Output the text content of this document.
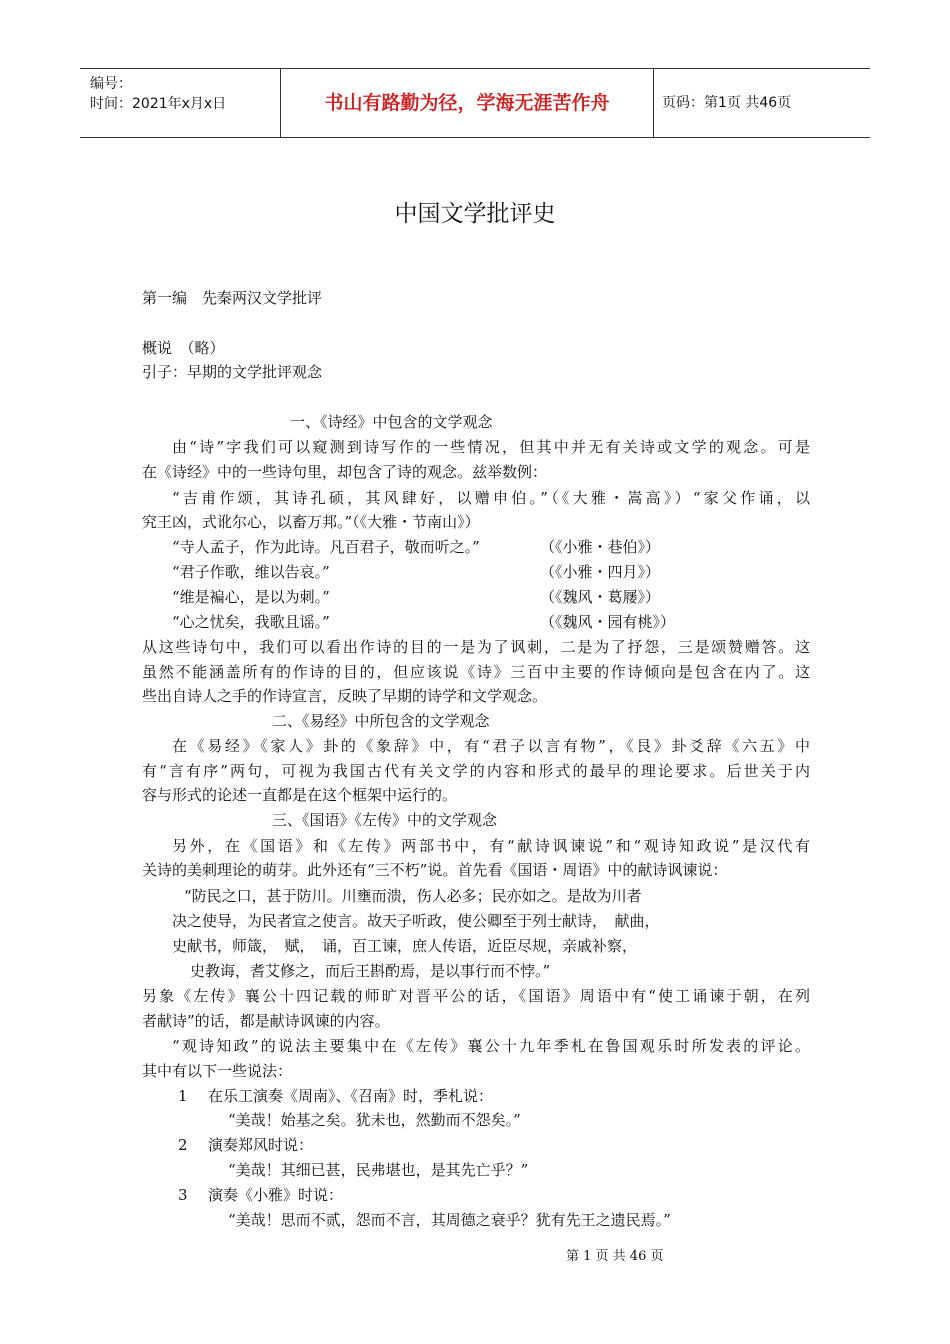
编号：
时间：2021年x月x日	书山有路勤为径，学海无涯苦作舟	页码：第1页 共46页
中国文学批评史
第一编　先秦两汉文学批评
概说　（略）
引子：早期的文学批评观念
一、《诗经》中包含的文学观念
由“诗”字我们可以窥测到诗写作的一些情况，但其中并无有关诗或文学的观念。可是
在《诗经》中的一些诗句里，却包含了诗的观念。兹举数例：
“吉甫作颂，其诗孔硕，其风肆好，以赠申伯。”（《大雅・嵩高》）“家父作诵，以
究王凶，式讹尔心，以畜万邦。”（《大雅・节南山》）
“寺人孟子，作为此诗。凡百君子，敬而听之。”	（《小雅・巷伯》）
“君子作歌，维以告哀。”	（《小雅・四月》）
“维是褊心，是以为刺。”	（《魏风・葛屦》）
“心之忧矣，我歌且谣。”	（《魏风・园有桃》）
从这些诗句中，我们可以看出作诗的目的一是为了讽刺，二是为了抒怨，三是颂赞赠答。这
虽然不能涵盖所有的作诗的目的，但应该说《诗》三百中主要的作诗倾向是包含在内了。这
些出自诗人之手的作诗宣言，反映了早期的诗学和文学观念。
二、《易经》中所包含的文学观念
在《易经》《家人》卦的《象辞》中，有“君子以言有物”，《艮》卦爻辞《六五》中
有“言有序”两句，可视为我国古代有关文学的内容和形式的最早的理论要求。后世关于内
容与形式的论述一直都是在这个框架中运行的。
三、《国语》《左传》中的文学观念
另外，在《国语》和《左传》两部书中，有“献诗讽谏说”和“观诗知政说”是汉代有
关诗的美刺理论的萌芽。此外还有“三不朽”说。首先看《国语・周语》中的献诗讽谏说：
“防民之口，甚于防川。川壅而溃，伤人必多；民亦如之。是故为川者
决之使导，为民者宣之使言。故天子听政，使公卿至于列士献诗，　献曲，
史献书，师箴，　赋，　诵，百工谏，庶人传语，近臣尽规，亲戚补察，
史教诲，耆艾修之，而后王斟酌焉，是以事行而不悖。”
另象《左传》襄公十四记载的师旷对晋平公的话，《国语》周语中有“使工诵谏于朝，在列
者献诗”的话，都是献诗讽谏的内容。
“观诗知政”的说法主要集中在《左传》襄公十九年季札在鲁国观乐时所发表的评论。
其中有以下一些说法：
1 在乐工演奏《周南》、《召南》时，季札说：
“美哉！始基之矣。犹未也，然勤而不怨矣。”
2 演奏郑风时说：
“美哉！其细已甚，民弗堪也，是其先亡乎？”
3 演奏《小雅》时说：
“美哉！思而不贰，怨而不言，其周德之衰乎？犹有先王之遗民焉。”
第 1 页 共 46 页
